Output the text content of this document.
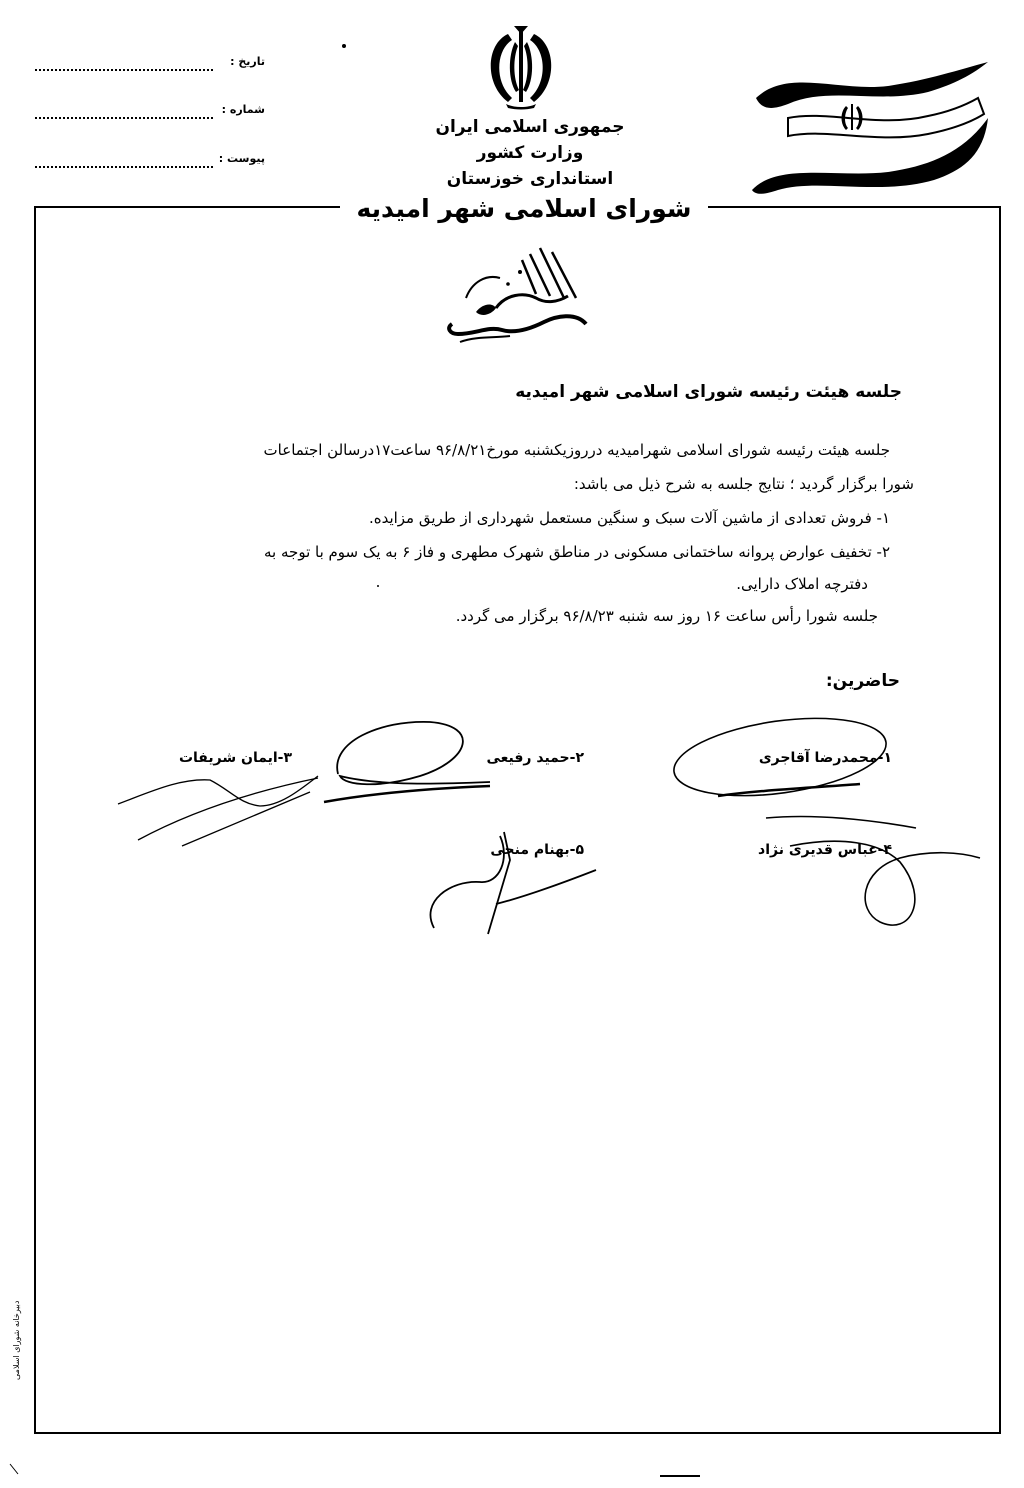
تاریخ :
شماره :
پیوست :
جمهوری اسلامی ایران
وزارت کشور
استانداری خوزستان
شورای اسلامی شهر امیدیه
جلسه هیئت رئیسه شورای اسلامی شهر امیدیه
جلسه هیئت رئیسه شورای اسلامی شهرامیدیه درروزیکشنبه مورخ۹۶/۸/۲۱ ساعت۱۷درسالن اجتماعات
شورا برگزار گردید ؛ نتایج جلسه به شرح ذیل می باشد:
۱- فروش تعدادی از ماشین آلات سبک و سنگین مستعمل شهرداری از طریق مزایده.
۲- تخفیف عوارض پروانه ساختمانی مسکونی در مناطق شهرک مطهری و فاز ۶ به یک سوم با توجه به
دفترچه املاک دارایی.
جلسه شورا رأس ساعت ۱۶ روز سه شنبه ۹۶/۸/۲۳ برگزار می گردد.
حاضرین:
۱-محمدرضا آقاجری
۲-حمید رفیعی
۳-ایمان شریفات
۴-عباس قدیری نژاد
۵-بهنام منجی
دبیرخانه شورای اسلامی
